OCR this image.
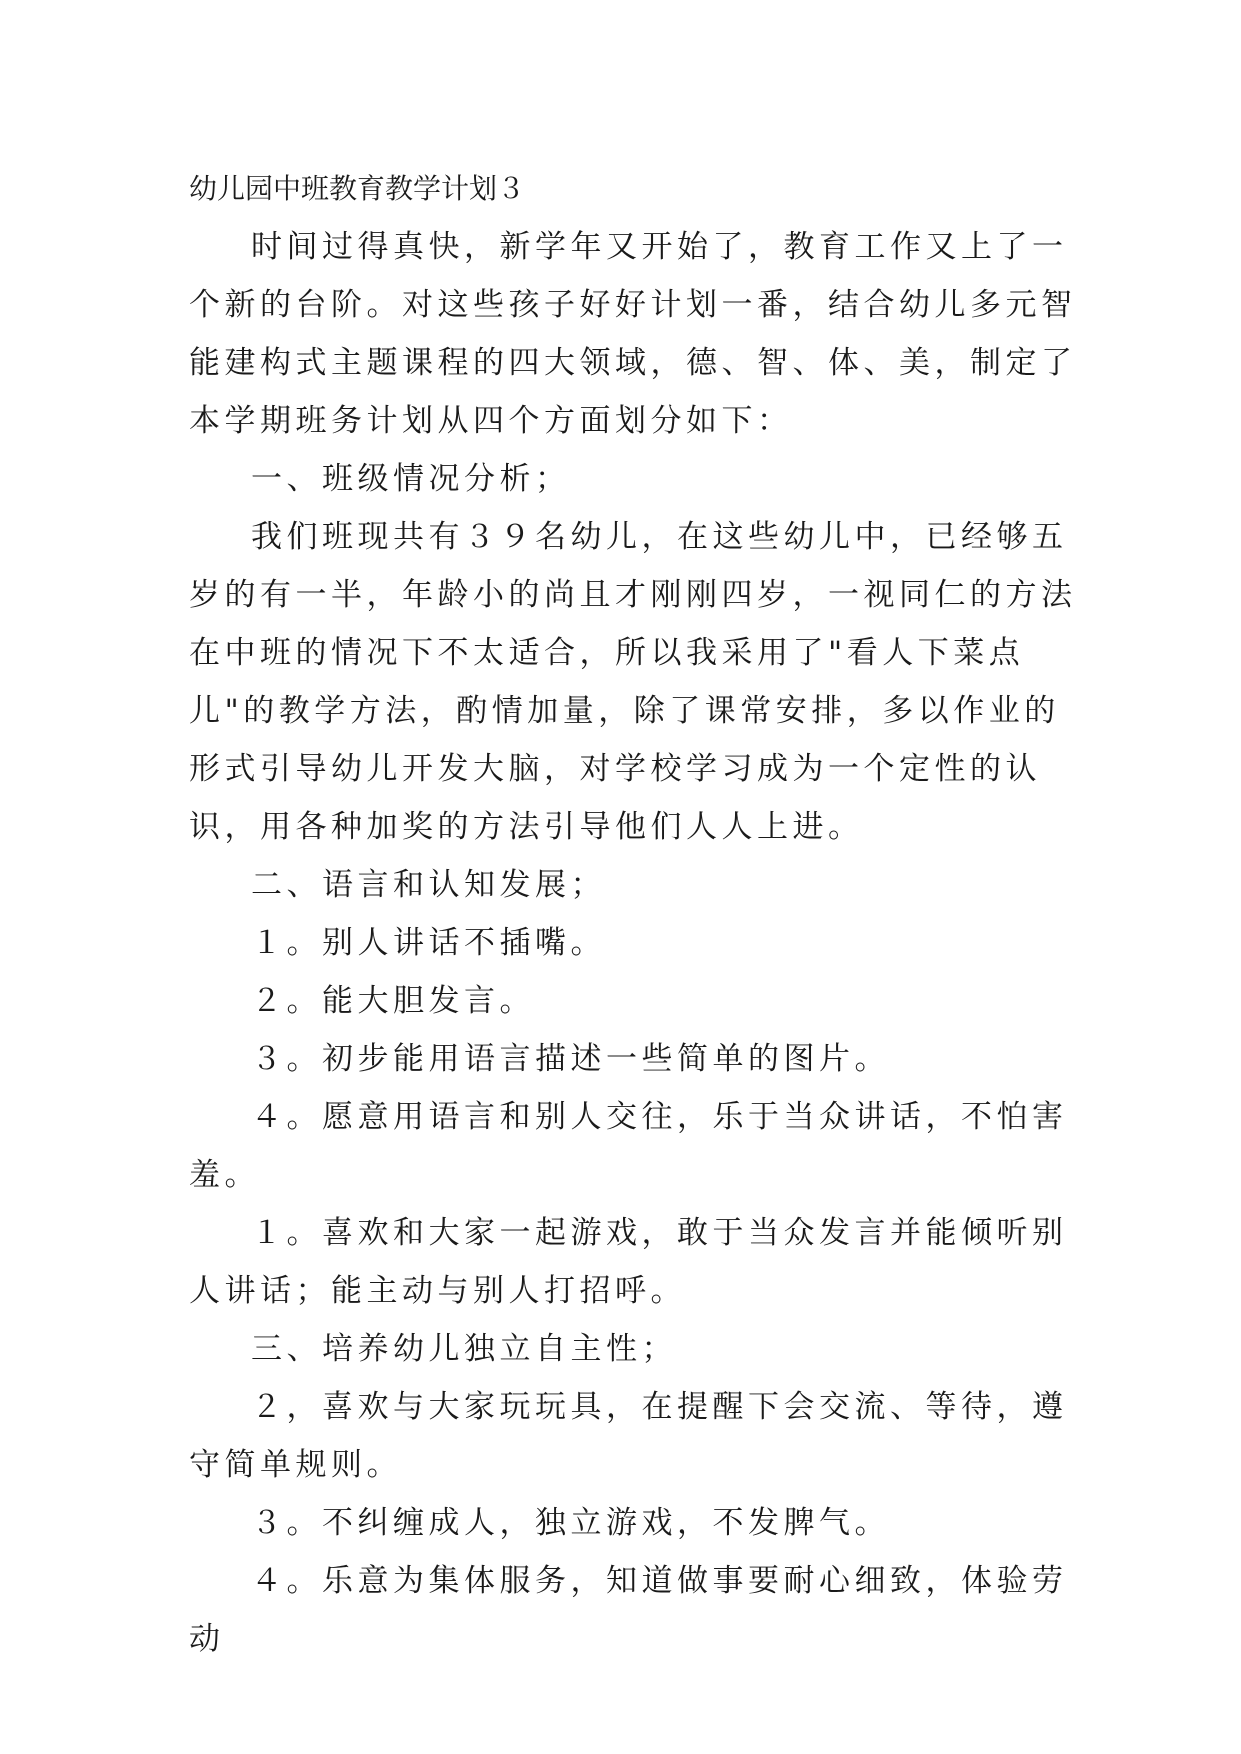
幼儿园中班教育教学计划３

时间过得真快，新学年又开始了，教育工作又上了一个新的台阶。对这些孩子好好计划一番，结合幼儿多元智能建构式主题课程的四大领域，德、智、体、美，制定了本学期班务计划从四个方面划分如下：

一、班级情况分析；

我们班现共有３９名幼儿，在这些幼儿中，已经够五岁的有一半，年龄小的尚且才刚刚四岁，一视同仁的方法在中班的情况下不太适合，所以我采用了"看人下菜点儿"的教学方法，酌情加量，除了课常安排，多以作业的形式引导幼儿开发大脑，对学校学习成为一个定性的认识，用各种加奖的方法引导他们人人上进。

二、语言和认知发展；

１。别人讲话不插嘴。

２。能大胆发言。

３。初步能用语言描述一些简单的图片。

４。愿意用语言和别人交往，乐于当众讲话，不怕害羞。

１。喜欢和大家一起游戏，敢于当众发言并能倾听别人讲话；能主动与别人打招呼。

三、培养幼儿独立自主性；

２，喜欢与大家玩玩具，在提醒下会交流、等待，遵守简单规则。

３。不纠缠成人，独立游戏，不发脾气。

４。乐意为集体服务，知道做事要耐心细致，体验劳动
